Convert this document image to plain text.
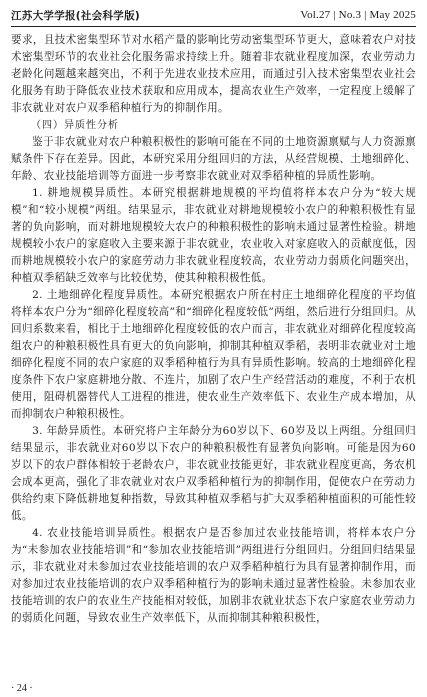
江苏大学学报(社会科学版)	Vol.27 | No.3 | May 2025

要求，且技术密集型环节对水稻产量的影响比劳动密集型环节更大，意味着农户对技术密集型环节的农业社会化服务需求持续上升。随着非农就业程度加深，农业劳动力老龄化问题越来越突出，不利于先进农业技术应用，而通过引入技术密集型农业社会化服务有助于降低农业技术获取和应用成本，提高农业生产效率，一定程度上缓解了非农就业对农户双季稻种植行为的抑制作用。

（四）异质性分析

鉴于非农就业对农户种粮积极性的影响可能在不同的土地资源禀赋与人力资源禀赋条件下存在差异。因此，本研究采用分组回归的方法，从经营规模、土地细碎化、年龄、农业技能培训等方面进一步考察非农就业对双季稻种植的异质性影响。

1. 耕地规模异质性。本研究根据耕地规模的平均值将样本农户分为“较大规模”和“较小规模”两组。结果显示，非农就业对耕地规模较小农户的种粮积极性有显著的负向影响，而对耕地规模较大农户的种粮积极性的影响未通过显著性检验。耕地规模较小农户的家庭收入主要来源于非农就业，农业收入对家庭收入的贡献度低，因而耕地规模较小农户的家庭劳动力非农就业程度较高，农业劳动力弱质化问题突出，种植双季稻缺乏效率与比较优势，使其种粮积极性低。

2. 土地细碎化程度异质性。本研究根据农户所在村庄土地细碎化程度的平均值将样本农户分为“细碎化程度较高”和“细碎化程度较低”两组，然后进行分组回归。从回归系数来看，相比于土地细碎化程度较低的农户而言，非农就业对细碎化程度较高组农户的种粮积极性具有更大的负向影响，抑制其种植双季稻，表明非农就业对土地细碎化程度不同的农户家庭的双季稻种植行为具有异质性影响。较高的土地细碎化程度条件下农户家庭耕地分散、不连片，加剧了农户生产经营活动的难度，不利于农机使用，阻碍机器替代人工进程的推进，使农业生产效率低下、农业生产成本增加，从而抑制农户种粮积极性。

3. 年龄异质性。本研究将户主年龄分为60岁以下、60岁及以上两组。分组回归结果显示，非农就业对60岁以下农户的种粮积极性有显著负向影响。可能是因为60岁以下的农户群体相较于老龄农户，非农就业技能更好，非农就业程度更高，务农机会成本更高，强化了非农就业对农户双季稻种植行为的抑制作用，促使农户在劳动力供给约束下降低耕地复种指数，导致其种植双季稻与扩大双季稻种植面积的可能性较低。

4. 农业技能培训异质性。根据农户是否参加过农业技能培训，将样本农户分为“未参加农业技能培训”和“参加农业技能培训”两组进行分组回归。分组回归结果显示，非农就业对未参加过农业技能培训的农户双季稻种植行为具有显著抑制作用，而对参加过农业技能培训的农户双季稻种植行为的影响未通过显著性检验。未参加农业技能培训的农户的农业生产技能相对较低，加剧非农就业状态下农户家庭农业劳动力的弱质化问题，导致农业生产效率低下，从而抑制其种粮积极性，

· 24 ·
